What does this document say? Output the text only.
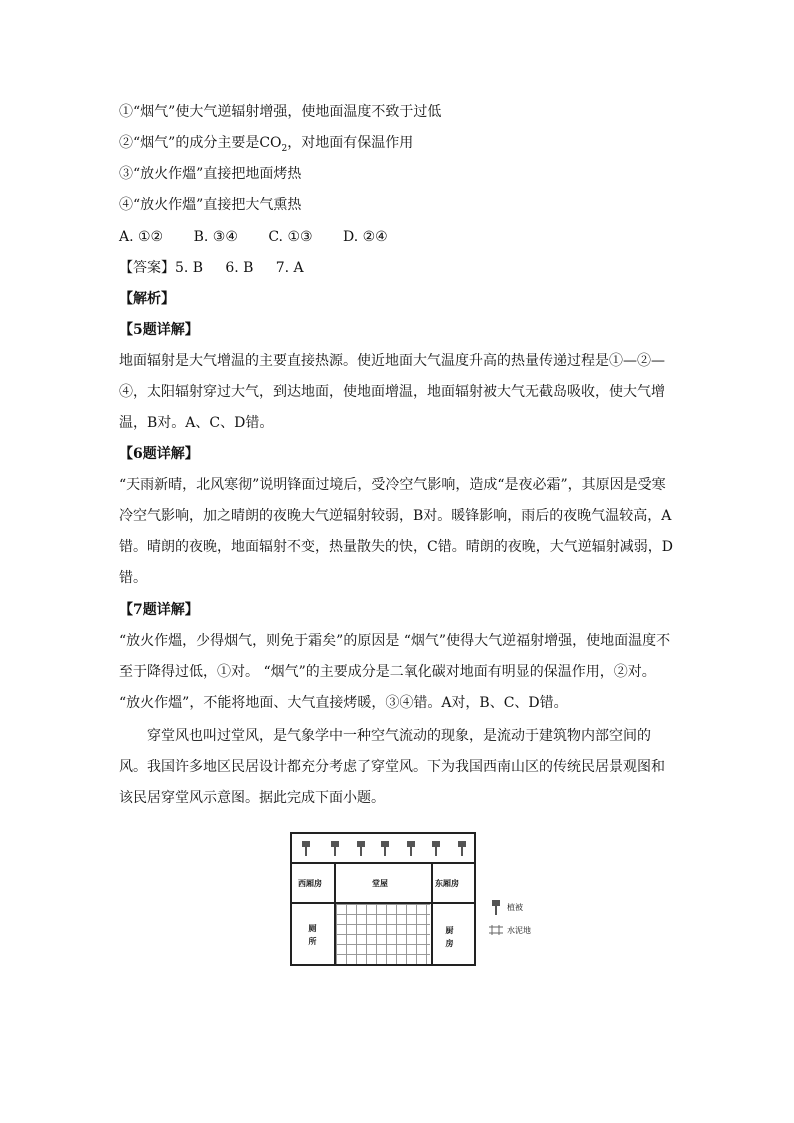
①“烟气”使大气逆辐射增强，使地面温度不致于过低
②“烟气”的成分主要是$CO_2$，对地面有保温作用
③“放火作熅”直接把地面烤热
④“放火作熅”直接把大气熏热
A. ①② B. ③④ C. ①③ D. ②④
【答案】5. B     6. B     7. A
【解析】
【5题详解】
地面辐射是大气增温的主要直接热源。使近地面大气温度升高的热量传递过程是①—②—④，太阳辐射穿过大气，到达地面，使地面增温，地面辐射被大气无截岛吸收，使大气增温，B对。A、C、D错。
【6题详解】
“天雨新晴，北风寒彻”说明锋面过境后，受冷空气影响，造成“是夜必霜”，其原因是受寒冷空气影响，加之晴朗的夜晚大气逆辐射较弱，B对。暖锋影响，雨后的夜晚气温较高，A错。晴朗的夜晚，地面辐射不变，热量散失的快，C错。晴朗的夜晚，大气逆辐射减弱，D错。
【7题详解】
“放火作熅，少得烟气，则免于霜矣”的原因是 “烟气”使得大气逆福射增强，使地面温度不至于降得过低，①对。 “烟气”的主要成分是二氧化碳对地面有明显的保温作用，②对。 “放火作熅”，不能将地面、大气直接烤暖，③④错。A对，B、C、D错。
穿堂风也叫过堂风，是气象学中一种空气流动的现象，是流动于建筑物内部空间的风。我国许多地区民居设计都充分考虑了穿堂风。下为我国西南山区的传统民居景观图和该民居穿堂风示意图。据此完成下面小题。
西厢房	堂屋	东厢房
厕
所
厨
房
植被
水泥地
